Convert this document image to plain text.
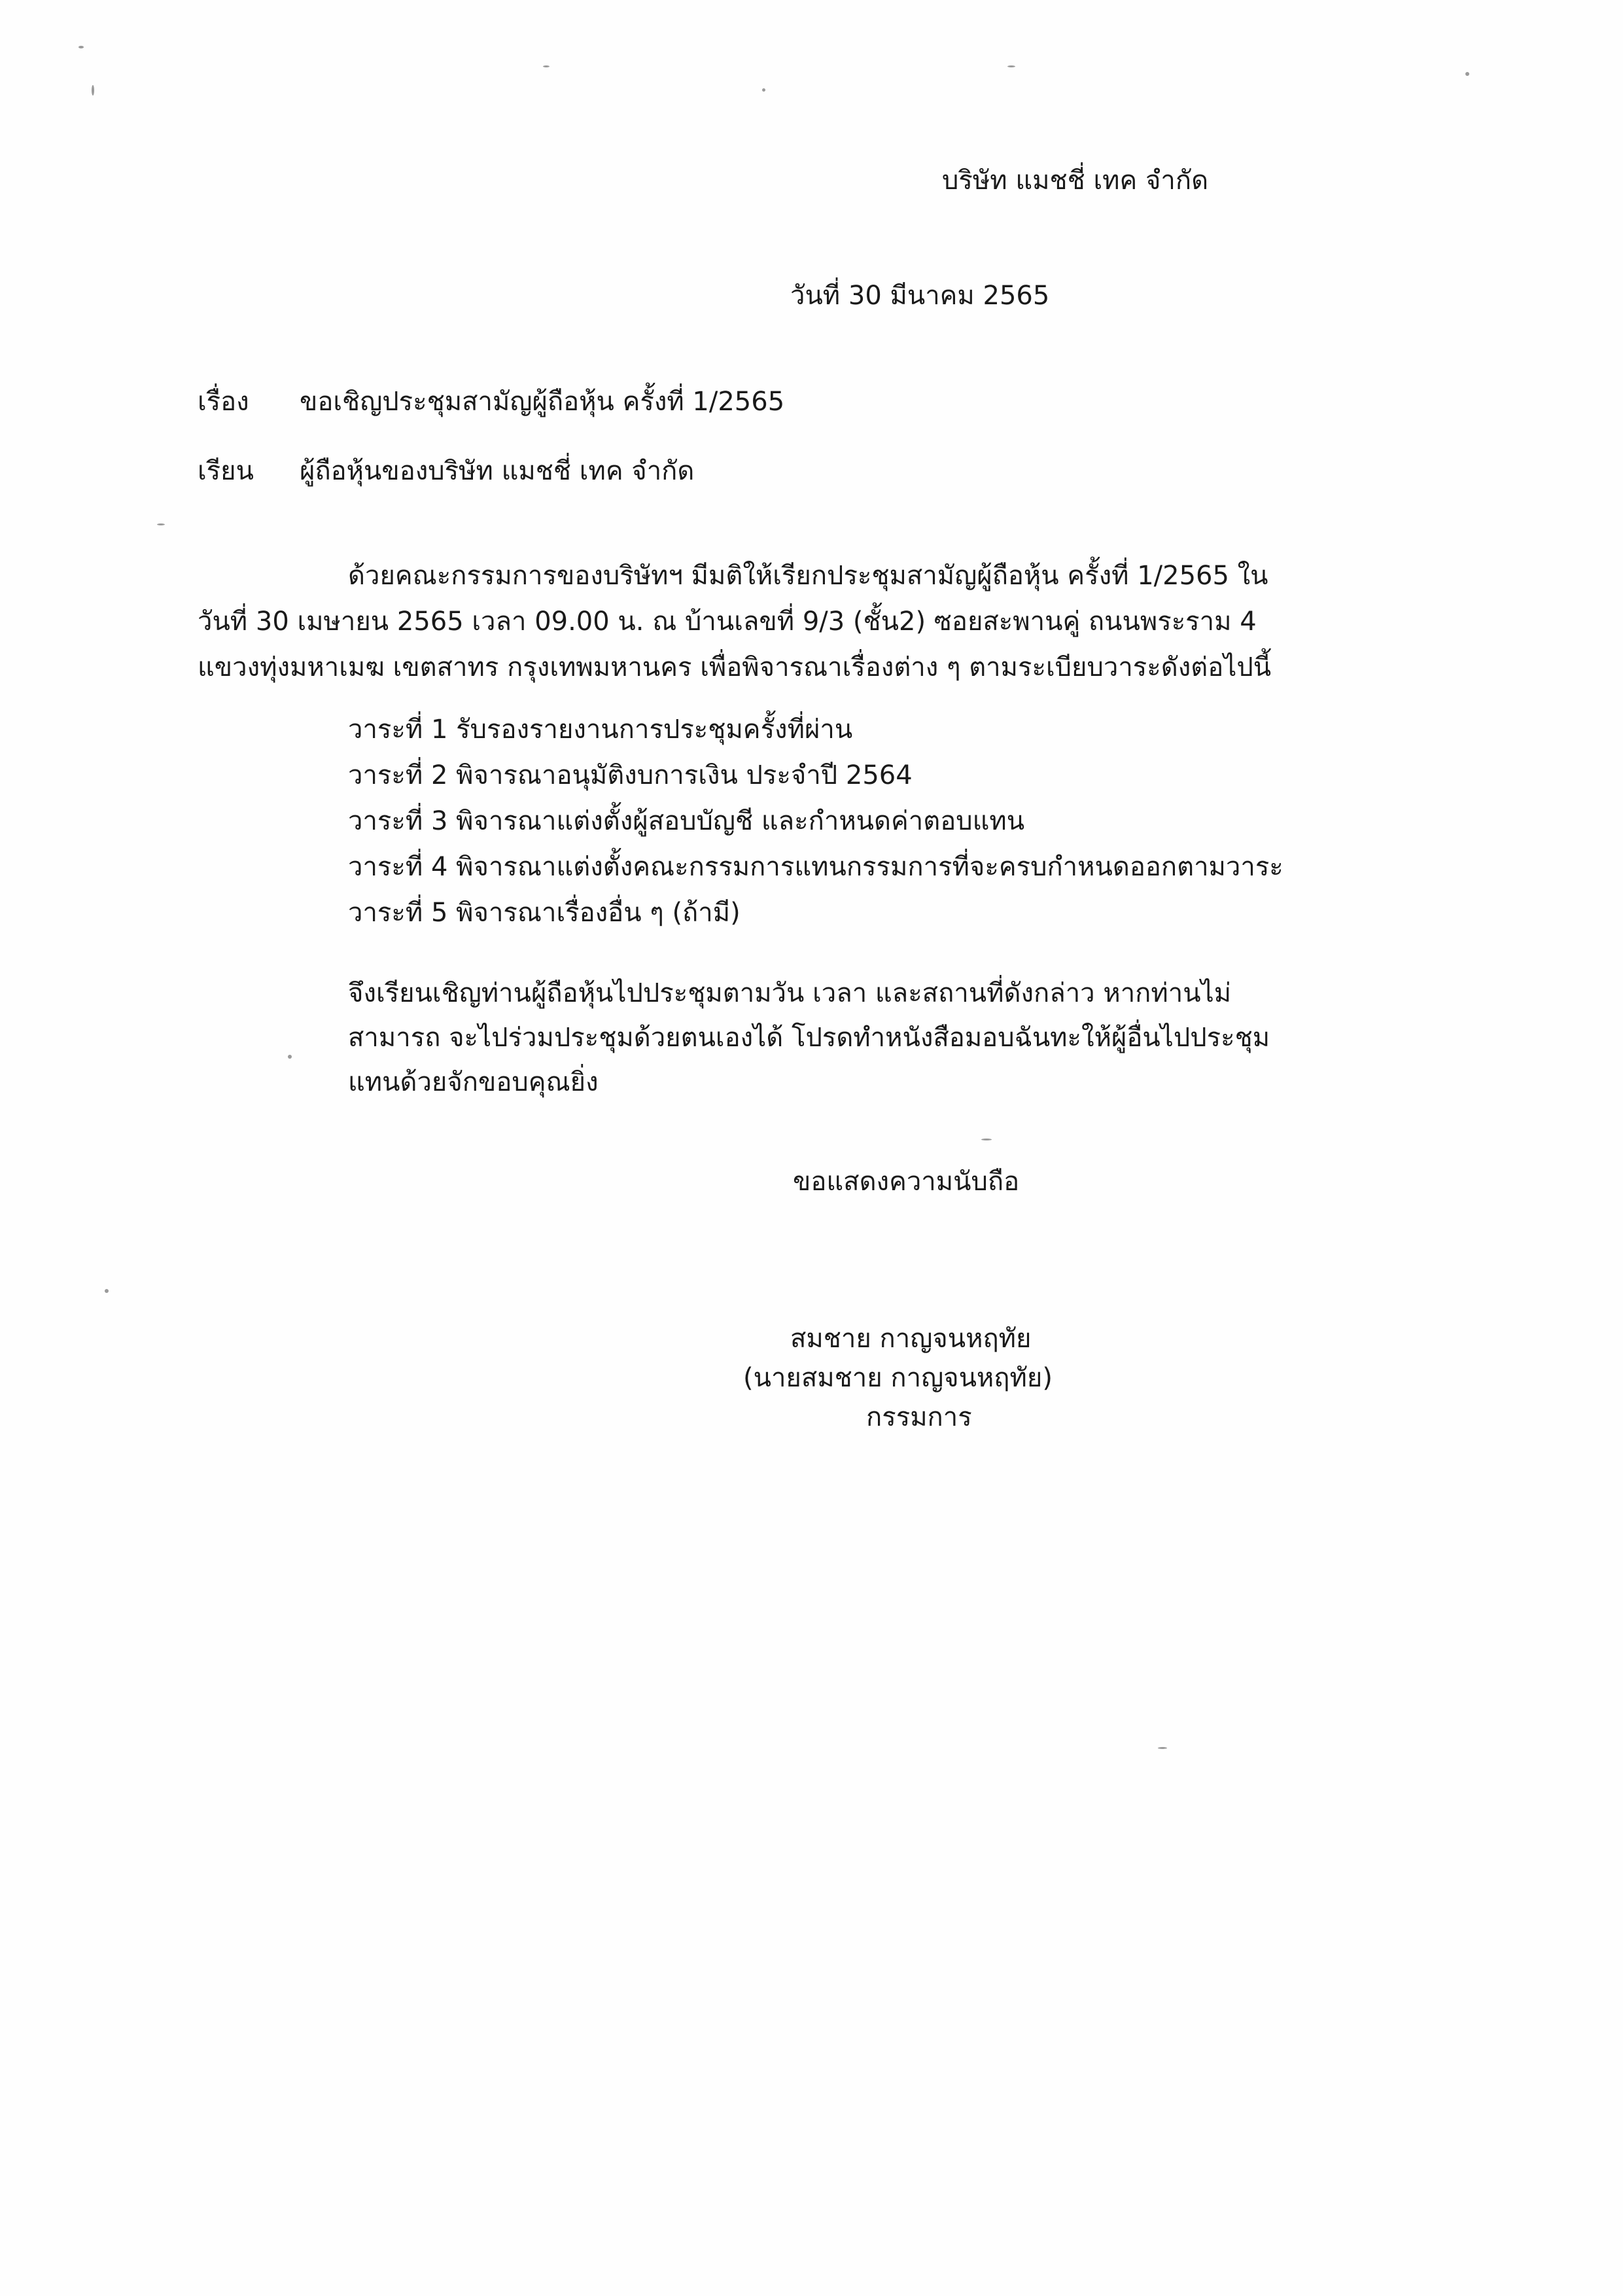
บริษัท แมชชี่ เทค จำกัด
วันที่ 30 มีนาคม 2565
เรื่อง ขอเชิญประชุมสามัญผู้ถือหุ้น ครั้งที่ 1/2565
เรียน ผู้ถือหุ้นของบริษัท แมชชี่ เทค จำกัด
ด้วยคณะกรรมการของบริษัทฯ มีมติให้เรียกประชุมสามัญผู้ถือหุ้น ครั้งที่ 1/2565 ใน
วันที่ 30 เมษายน 2565 เวลา 09.00 น. ณ บ้านเลขที่ 9/3 (ชั้น2) ซอยสะพานคู่ ถนนพระราม 4
แขวงทุ่งมหาเมฆ เขตสาทร กรุงเทพมหานคร เพื่อพิจารณาเรื่องต่าง ๆ ตามระเบียบวาระดังต่อไปนี้
วาระที่ 1 รับรองรายงานการประชุมครั้งที่ผ่าน
วาระที่ 2 พิจารณาอนุมัติงบการเงิน ประจำปี 2564
วาระที่ 3 พิจารณาแต่งตั้งผู้สอบบัญชี และกำหนดค่าตอบแทน
วาระที่ 4 พิจารณาแต่งตั้งคณะกรรมการแทนกรรมการที่จะครบกำหนดออกตามวาระ
วาระที่ 5 พิจารณาเรื่องอื่น ๆ (ถ้ามี)
จึงเรียนเชิญท่านผู้ถือหุ้นไปประชุมตามวัน เวลา และสถานที่ดังกล่าว หากท่านไม่
สามารถ จะไปร่วมประชุมด้วยตนเองได้ โปรดทำหนังสือมอบฉันทะให้ผู้อื่นไปประชุม
แทนด้วยจักขอบคุณยิ่ง
ขอแสดงความนับถือ
สมชาย กาญจนหฤทัย
(นายสมชาย กาญจนหฤทัย)
กรรมการ
